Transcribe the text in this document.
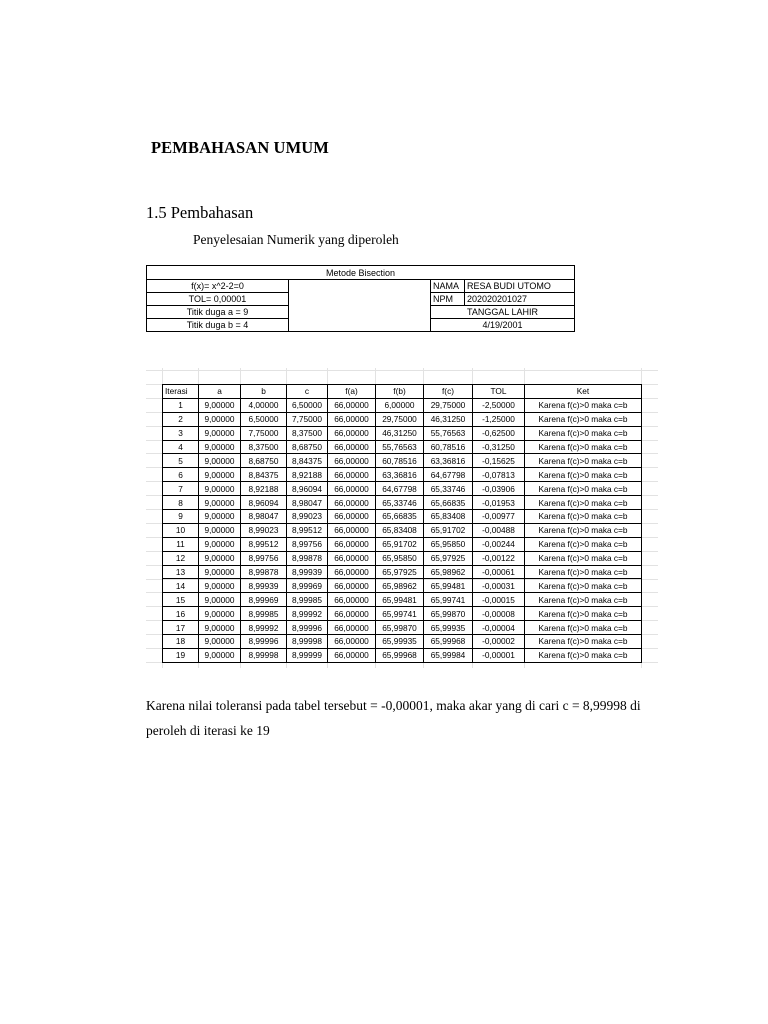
PEMBAHASAN UMUM
1.5 Pembahasan
Penyelesaian Numerik yang diperoleh
Metode Bisection			
f(x)= x^2-2=0		NAMA	RESA BUDI UTOMO
TOL= 0,00001		NPM	202020201027
Titik duga a = 9		TANGGAL LAHIR	
Titik duga b = 4		4/19/2001	
Iterasi	a	b	c	f(a)	f(b)	f(c)	TOL	Ket
1	9,00000	4,00000	6,50000	66,00000	6,00000	29,75000	-2,50000	Karena f(c)>0 maka c=b
2	9,00000	6,50000	7,75000	66,00000	29,75000	46,31250	-1,25000	Karena f(c)>0 maka c=b
3	9,00000	7,75000	8,37500	66,00000	46,31250	55,76563	-0,62500	Karena f(c)>0 maka c=b
4	9,00000	8,37500	8,68750	66,00000	55,76563	60,78516	-0,31250	Karena f(c)>0 maka c=b
5	9,00000	8,68750	8,84375	66,00000	60,78516	63,36816	-0,15625	Karena f(c)>0 maka c=b
6	9,00000	8,84375	8,92188	66,00000	63,36816	64,67798	-0,07813	Karena f(c)>0 maka c=b
7	9,00000	8,92188	8,96094	66,00000	64,67798	65,33746	-0,03906	Karena f(c)>0 maka c=b
8	9,00000	8,96094	8,98047	66,00000	65,33746	65,66835	-0,01953	Karena f(c)>0 maka c=b
9	9,00000	8,98047	8,99023	66,00000	65,66835	65,83408	-0,00977	Karena f(c)>0 maka c=b
10	9,00000	8,99023	8,99512	66,00000	65,83408	65,91702	-0,00488	Karena f(c)>0 maka c=b
11	9,00000	8,99512	8,99756	66,00000	65,91702	65,95850	-0,00244	Karena f(c)>0 maka c=b
12	9,00000	8,99756	8,99878	66,00000	65,95850	65,97925	-0,00122	Karena f(c)>0 maka c=b
13	9,00000	8,99878	8,99939	66,00000	65,97925	65,98962	-0,00061	Karena f(c)>0 maka c=b
14	9,00000	8,99939	8,99969	66,00000	65,98962	65,99481	-0,00031	Karena f(c)>0 maka c=b
15	9,00000	8,99969	8,99985	66,00000	65,99481	65,99741	-0,00015	Karena f(c)>0 maka c=b
16	9,00000	8,99985	8,99992	66,00000	65,99741	65,99870	-0,00008	Karena f(c)>0 maka c=b
17	9,00000	8,99992	8,99996	66,00000	65,99870	65,99935	-0,00004	Karena f(c)>0 maka c=b
18	9,00000	8,99996	8,99998	66,00000	65,99935	65,99968	-0,00002	Karena f(c)>0 maka c=b
19	9,00000	8,99998	8,99999	66,00000	65,99968	65,99984	-0,00001	Karena f(c)>0 maka c=b
Karena nilai toleransi pada tabel tersebut = -0,00001, maka akar yang di cari c = 8,99998 di peroleh di iterasi ke 19
